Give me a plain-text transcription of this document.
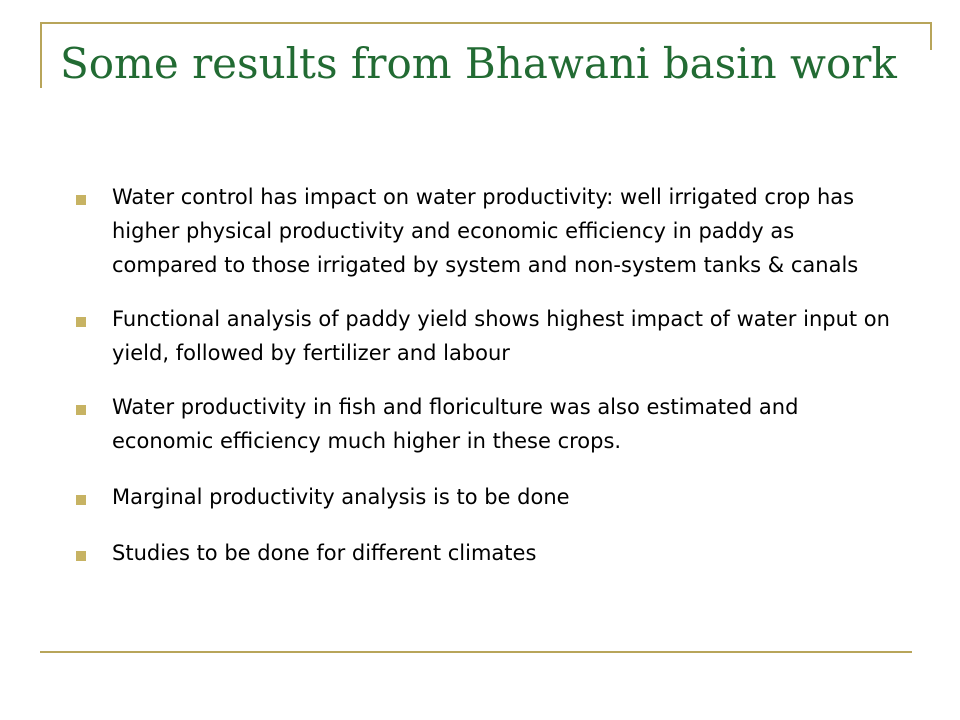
Some results from Bhawani basin work
Water control has impact on water productivity: well irrigated crop has higher physical productivity and economic efficiency in paddy as compared to those irrigated by system and non-system tanks & canals
Functional analysis of paddy yield shows highest impact of water input on yield, followed by fertilizer and labour
Water productivity in fish and floriculture was also estimated and economic efficiency much higher in these crops.
Marginal productivity analysis is to be done
Studies to be done for different climates
